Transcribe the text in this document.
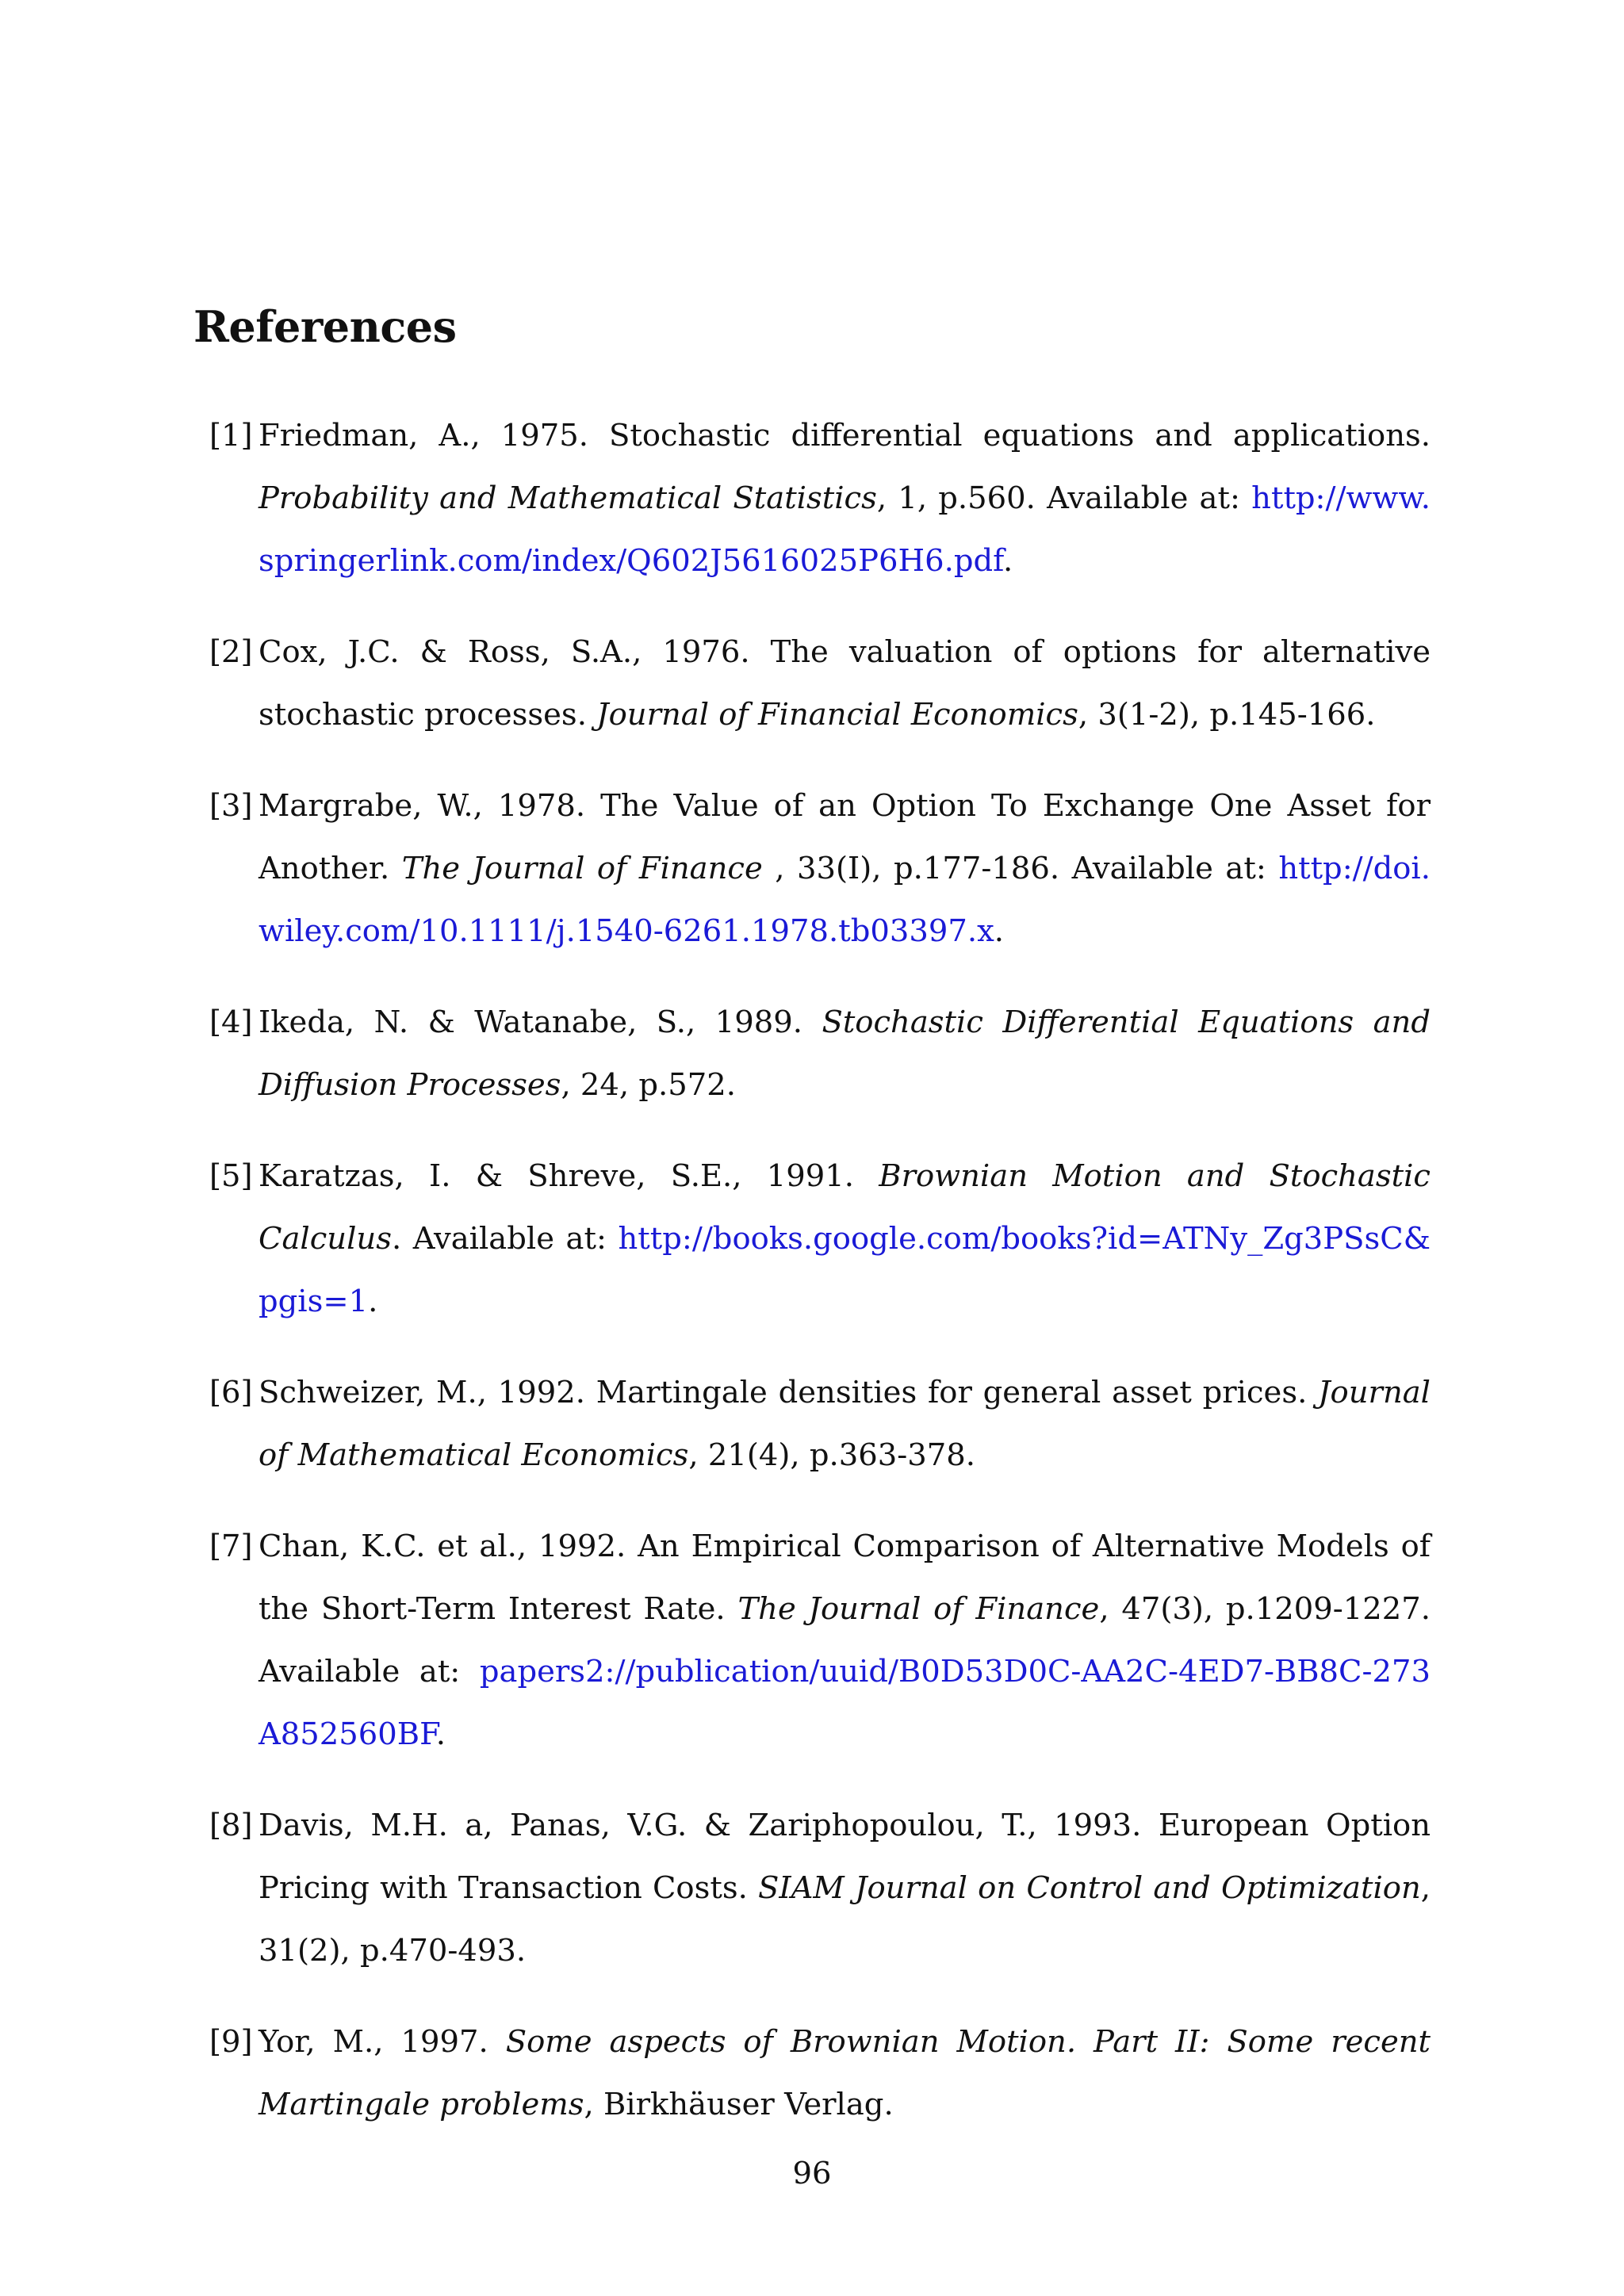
References
[1] Friedman, A., 1975. Stochastic differential equations and applications. Probability and Mathematical Statistics, 1, p.560. Available at: http://www.springerlink.com/index/Q602J5616025P6H6.pdf.
[2] Cox, J.C. & Ross, S.A., 1976. The valuation of options for alternative stochastic processes. Journal of Financial Economics, 3(1-2), p.145-166.
[3] Margrabe, W., 1978. The Value of an Option To Exchange One Asset for Another. The Journal of Finance , 33(I), p.177-186. Available at: http://doi.wiley.com/10.1111/j.1540-6261.1978.tb03397.x.
[4] Ikeda, N. & Watanabe, S., 1989. Stochastic Differential Equations and Diffusion Processes, 24, p.572.
[5] Karatzas, I. & Shreve, S.E., 1991. Brownian Motion and Stochastic Calculus. Available at: http://books.google.com/books?id=ATNy_Zg3PSsC&pgis=1.
[6] Schweizer, M., 1992. Martingale densities for general asset prices. Journal of Mathematical Economics, 21(4), p.363-378.
[7] Chan, K.C. et al., 1992. An Empirical Comparison of Alternative Models of the Short-Term Interest Rate. The Journal of Finance, 47(3), p.1209-1227. Available at: papers2://publication/uuid/B0D53D0C-AA2C-4ED7-BB8C-273A852560BF.
[8] Davis, M.H. a, Panas, V.G. & Zariphopoulou, T., 1993. European Option Pricing with Transaction Costs. SIAM Journal on Control and Optimization, 31(2), p.470-493.
[9] Yor, M., 1997. Some aspects of Brownian Motion. Part II: Some recent Martingale problems, Birkhäuser Verlag.
96
